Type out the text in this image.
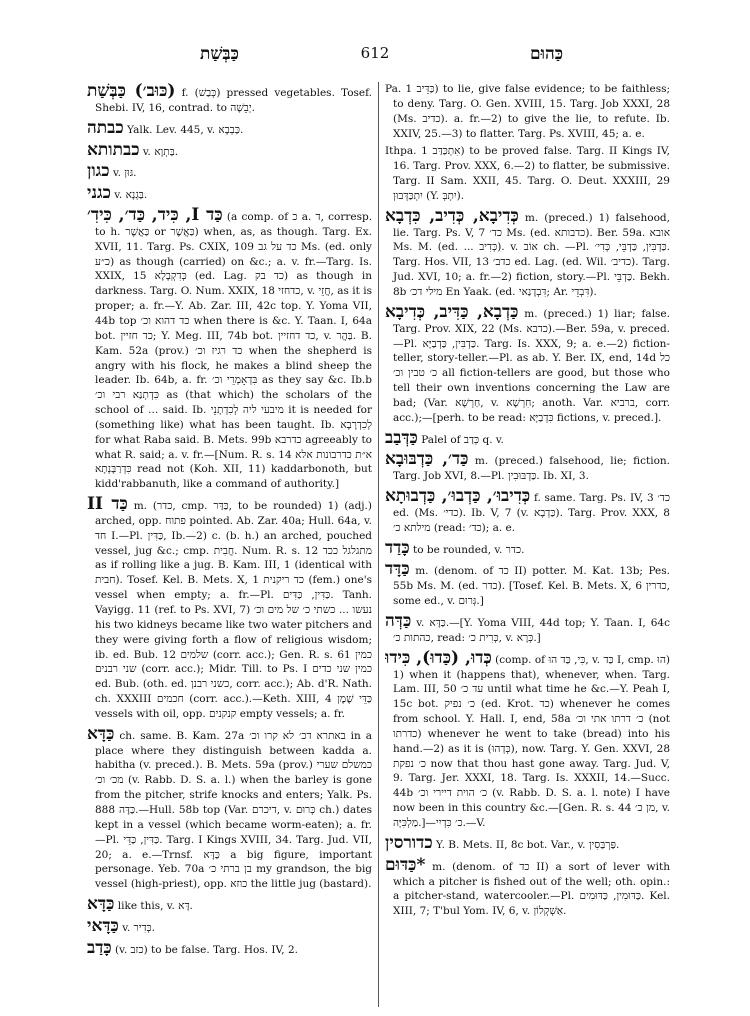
כַּבְּשַׁת	612	כַּהוּם

(כּוּב׳) כַּבְּשַׁת f. (כְּבַשׁ) pressed vegetables. Tosef. Shebi. IV, 16, contrad. to יְבֵשָׁה.

כבתה Yalk. Lev. 445, v. כַּבְבָא.

כבתותא v. בַּתְוָא.

כגון v. גּוּן.

כגני v. בַּגְנָא.

כַּד I, כִּיד, כַּד׳, כִּידִ׳ (a comp. of כ a. ד, corresp. to h. כַּאֲשֶׁר or כַּאֲשֶׁר) when, as, as though. Targ. Ex. XVII, 11. Targ. Ps. CXIX, 109 כד על גב Ms. (ed. only כ״ע) as though (carried) on &c.; a. v. fr.—Targ. Is. XXIX, 15 כְּדִקְבָלָא (ed. Lag. כד בק) as though in darkness. Targ. O. Num. XXIX, 18 כדחזי, v. חֲזֵי, as it is proper; a. fr.—Y. Ab. Zar. III, 42c top. Y. Yoma VII, 44b top כד דהוא וכ׳ when there is &c. Y. Taan. I, 64a bot. כד חזיין; Y. Meg. III, 74b bot. כד דחזיין, v. בַּהֲר. B. Kam. 52a (prov.) כד רגיז וכ׳ when the shepherd is angry with his flock, he makes a blind sheep the leader. Ib. 64b, a. fr. בִּדְאָמְרֵי וכ׳ as they say &c. Ib.b כִּדְתְנַא רבי וכ׳ as (that which) the scholars of the school of ... said. Ib. מיבעי ליה לְכִדְתָנֵי it is needed for (something like) what has been taught. Ib. לְכִדְרָבָא for what Raba said. B. Mets. 99b כדרבא agreeably to what R. said; a. v. fr.—[Num. R. s. 14 א״ת כדרבונות אלא כִּדְרַבָּנְתָא read not (Koh. XII, 11) kaddarbonoth, but kidd'rabbanuth, like a command of authority.]

כַּד II m. (כדר, cmp. כַּדַּר, to be rounded) 1) (adj.) arched, opp. פתוח pointed. Ab. Zar. 40a; Hull. 64a, v. חד I.—Pl. כַּדִּין, Ib.—2) c. (b. h.) an arched, pouched vessel, jug &c.; cmp. חֲבִית. Num. R. s. 12 מתגלגל ככד as if rolling like a jug. B. Kam. III, 1 (identical with חבית). Tosef. Kel. B. Mets. X, 1 כד ריקנית (fem.) one's vessel when empty; a. fr.—Pl. כַּדִּין, כַּדִּים. Tanh. Vayigg. 11 (ref. to Ps. XVI, 7) נעשו ... כשתי כ׳ של מים וכ׳ his two kidneys became like two water pitchers and they were giving forth a flow of religious wisdom; ib. ed. Bub. 12 שלמים (corr. acc.); Gen. R. s. 61 כמין שני רבנים (corr. acc.); Midr. Till. to Ps. I כמין שני כדים ed. Bub. (oth. ed. כשני רבנן, corr. acc.); Ab. d'R. Nath. ch. XXXIII חכמים (corr. acc.).—Keth. XIII, 4 כַּדֵּי שֶׁמֶן vessels with oil, opp. קנקנים empty vessels; a. fr.

כַּדָּא ch. same. B. Kam. 27a באתרא דכ׳ לא קרו וכ׳ in a place where they distinguish between kadda a. habitha (v. preced.). B. Mets. 59a (prov.) כמשלם שערי מכ׳ וכ׳ (v. Rabb. D. S. a. l.) when the barley is gone from the pitcher, strife knocks and enters; Yalk. Ps. 888 כַּדָּה.—Hull. 58b top (Var. דיכרם, v. כְּרוּם ch.) dates kept in a vessel (which became worm-eaten); a. fr.—Pl. כַּדִּין, כַּדֵּי. Targ. I Kings XVIII, 34. Targ. Jud. VII, 20; a. e.—Trnsf. כַּדָּא a big figure, important personage. Yeb. 70a בן ברתי כ׳ my grandson, the big vessel (high-priest), opp. כוזא the little jug (bastard).

כַּדָּא like this, v. דָּא.

כַּדָּאי v. כְּדִיר.

כָּדַב (v. כזב) to be false. Targ. Hos. IV, 2.

Pa. כַּדֵּיב 1) to lie, give false evidence; to be faithless; to deny. Targ. O. Gen. XVIII, 15. Targ. Job XXXI, 28 (Ms. כדיב). a. fr.—2) to give the lie, to refute. Ib. XXIV, 25.—3) to flatter. Targ. Ps. XVIII, 45; a. e.

Ithpa. אִתְכַּדַּב 1) to be proved false. Targ. II Kings IV, 16. Targ. Prov. XXX, 6.—2) to flatter, be submissive. Targ. II Sam. XXII, 45. Targ. O. Deut. XXXIII, 29 יִתְכַּדְּבוּן (Y. יִתְבְּ).

כְּדִיבָא, כְּדִיב, כִּדְבָא m. (preced.) 1) falsehood, lie. Targ. Ps. V, 7 כד׳ Ms. (ed. כדבותא). Ber. 59a. אובא Ms. M. (ed. ... כְּדִיב). v. אוֹב ch. —Pl. כַּדְבִּין, כַּדְבֵּי, כְּדִי׳. Targ. Hos. VII, 13 כדב׳ ed. Lag. (ed. Wil. כדיב׳). Targ. Jud. XVI, 10; a. fr.—2) fiction, story.—Pl. כַּדְבֵּי. Bekh. 8b מילי דכ׳ En Yaak. (ed. דִּבְדָנַאי; Ar. דִּבְדֵי).

כַּדְבָא, כַּדִּיב, כְּדִיבָא m. (preced.) 1) liar; false. Targ. Prov. XIX, 22 (Ms. כדבא).—Ber. 59a, v. preced.—Pl. כַּדְבִּין, כַּדְבַיָּא. Targ. Is. XXX, 9; a. e.—2) fiction-teller, story-teller.—Pl. as ab. Y. Ber. IX, end, 14d כל כ׳ טבין וכ׳ all fiction-tellers are good, but those who tell their own inventions concerning the Law are bad; (Var. חַרְשָׁא, v. חִרְשָׁא; anoth. Var. ברביא, corr. acc.);—[perh. to be read: כִּדְבַיָּא fictions, v. preced.].

כַּדְּבַב Palel of כְּדַב q. v.

כַּד׳, כַּדְבּוּבָא m. (preced.) falsehood, lie; fiction. Targ. Job XVI, 8.—Pl. כַּדְבּוּבִין. Ib. XI, 3.

כְּדִיבוּ׳, כַּדְבוּ׳, כַּדְבוּתָא f. same. Targ. Ps. IV, 3 כד׳ ed. (Ms. כדי׳). Ib. V, 7 (v. כַּדְבָא). Targ. Prov. XXX, 8 מילתא כ׳ (read: כד׳); a. e.

כָּדַד to be rounded, v. כדר.

כַּדָּד m. (denom. of כד II) potter. M. Kat. 13b; Pes. 55b Ms. M. (ed. כדר). [Tosef. Kel. B. Mets. X, 6 כדרין, some ed., v. גְּרוּם.]

כַּדְּה v. כַּדָּא.—[Y. Yoma VIII, 44d top; Y. Taan. I, 64c כהתות כ׳, read: כְּרִית כ׳, v. כְּרָא.]

כְּדוּ, (כַּדוּ), כִּידוּ (comp. of כִּי, כַּד הוּ, v. כַּד I, cmp. הוּ) 1) when it (happens that), whenever, when. Targ. Lam. III, 50 עד כ׳ until what time he &c.—Y. Peah I, 15c bot. כ׳ נפיק (ed. Krot. כד) whenever he comes from school. Y. Hall. I, end, 58a כ׳ דרתו אתי וכ׳ (not כדרתו) whenever he went to take (bread) into his hand.—2) as it is (כְּדְהוּ), now. Targ. Y. Gen. XXVI, 28 כ׳ נפקת now that thou hast gone away. Targ. Jud. V, 9. Targ. Jer. XXXI, 18. Targ. Is. XXXII, 14.—Succ. 44b כ׳ הוית דיירי וכ׳ (v. Rabb. D. S. a. l. note) I have now been in this country &c.—[Gen. R. s. 44 מן כ׳, v. מַלְכִּיָּה.]—כ׳ כִּדְיִי.—V.

כדורסין Y. B. Mets. II, 8c bot. Var., v. פַּרְבַּסִין.

*כַּדּוּם m. (denom. of כד II) a sort of lever with which a pitcher is fished out of the well; oth. opin.: a pitcher-stand, watercooler.—Pl. כַּדּוּמִין, כַּדּוּמִים. Kel. XIII, 7; T'bul Yom. IV, 6, v. אַשְׁקְלוֹן.
